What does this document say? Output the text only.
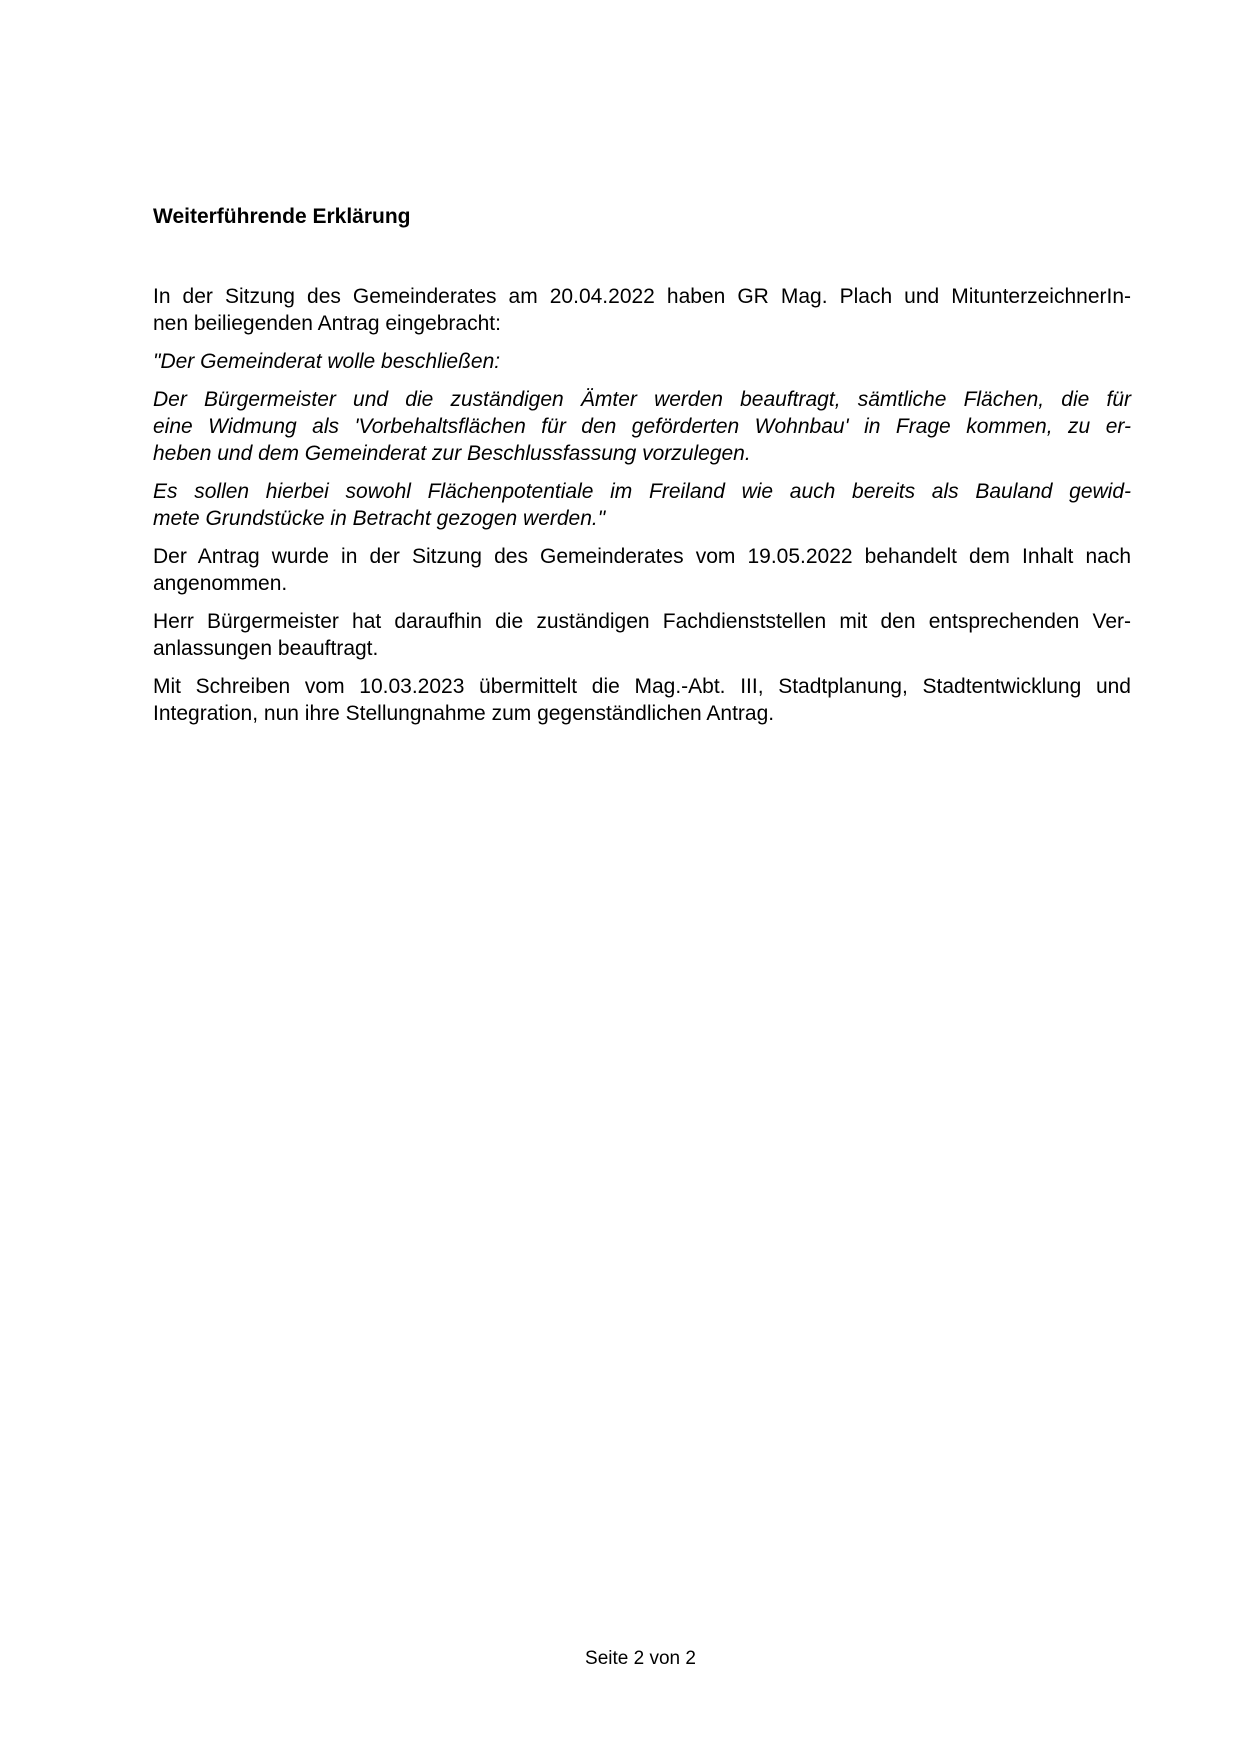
Weiterführende Erklärung
In der Sitzung des Gemeinderates am 20.04.2022 haben GR Mag. Plach und MitunterzeichnerIn-
nen beiliegenden Antrag eingebracht:
"Der Gemeinderat wolle beschließen:
Der Bürgermeister und die zuständigen Ämter werden beauftragt, sämtliche Flächen, die für
eine Widmung als 'Vorbehaltsflächen für den geförderten Wohnbau' in Frage kommen, zu er-
heben und dem Gemeinderat zur Beschlussfassung vorzulegen.
Es sollen hierbei sowohl Flächenpotentiale im Freiland wie auch bereits als Bauland gewid-
mete Grundstücke in Betracht gezogen werden."
Der Antrag wurde in der Sitzung des Gemeinderates vom 19.05.2022 behandelt dem Inhalt nach
angenommen.
Herr Bürgermeister hat daraufhin die zuständigen Fachdienststellen mit den entsprechenden Ver-
anlassungen beauftragt.
Mit Schreiben vom 10.03.2023 übermittelt die Mag.-Abt. III, Stadtplanung, Stadtentwicklung und
Integration, nun ihre Stellungnahme zum gegenständlichen Antrag.
Seite 2 von 2
